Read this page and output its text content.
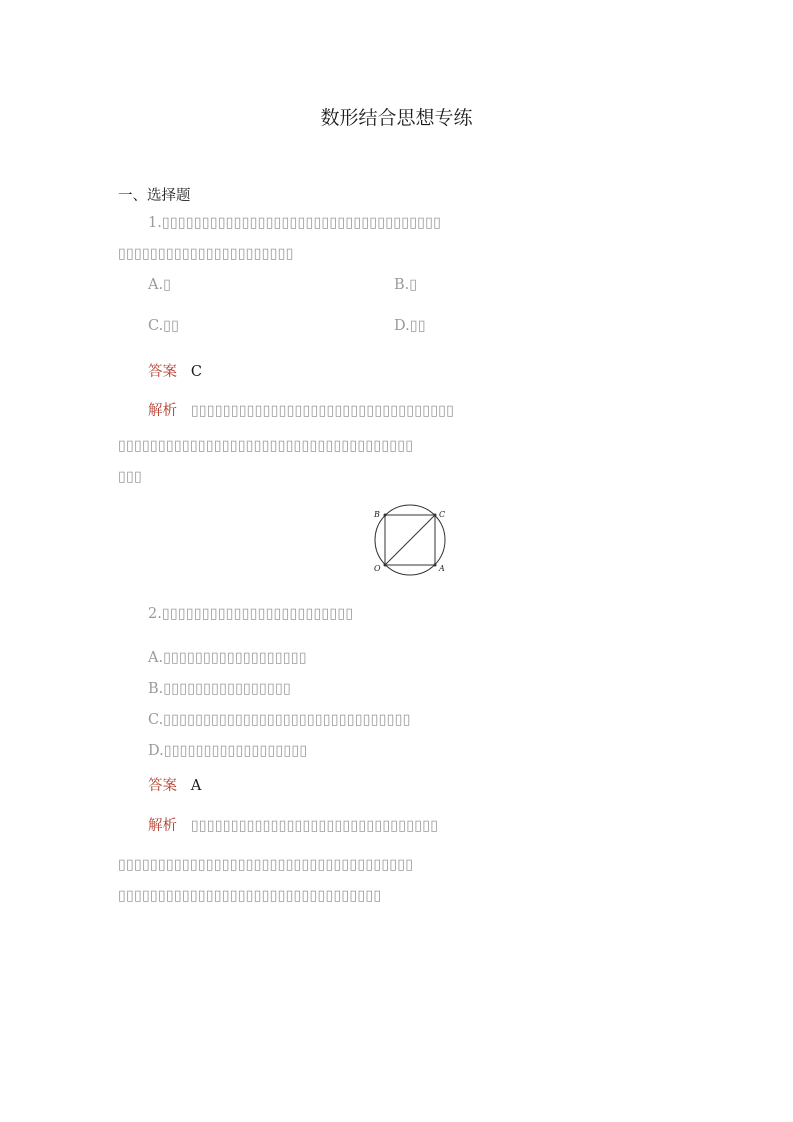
数形结合思想专练
一、选择题
1.▯▯▯▯▯▯▯▯▯▯▯▯▯▯▯▯▯▯▯▯▯▯▯▯▯▯▯▯▯▯▯▯▯▯▯
▯▯▯▯▯▯▯▯▯▯▯▯▯▯▯▯▯▯▯▯▯▯
A.▯	B.▯
C.▯▯	D.▯▯
答案 C
解析 ▯▯▯▯▯▯▯▯▯▯▯▯▯▯▯▯▯▯▯▯▯▯▯▯▯▯▯▯▯▯▯▯▯
▯▯▯▯▯▯▯▯▯▯▯▯▯▯▯▯▯▯▯▯▯▯▯▯▯▯▯▯▯▯▯▯▯▯▯▯▯
▯▯▯
B	C
O	A
2.▯▯▯▯▯▯▯▯▯▯▯▯▯▯▯▯▯▯▯▯▯▯▯▯
A.▯▯▯▯▯▯▯▯▯▯▯▯▯▯▯▯▯▯
B.▯▯▯▯▯▯▯▯▯▯▯▯▯▯▯▯
C.▯▯▯▯▯▯▯▯▯▯▯▯▯▯▯▯▯▯▯▯▯▯▯▯▯▯▯▯▯▯▯
D.▯▯▯▯▯▯▯▯▯▯▯▯▯▯▯▯▯▯
答案 A
解析 ▯▯▯▯▯▯▯▯▯▯▯▯▯▯▯▯▯▯▯▯▯▯▯▯▯▯▯▯▯▯▯
▯▯▯▯▯▯▯▯▯▯▯▯▯▯▯▯▯▯▯▯▯▯▯▯▯▯▯▯▯▯▯▯▯▯▯▯▯
▯▯▯▯▯▯▯▯▯▯▯▯▯▯▯▯▯▯▯▯▯▯▯▯▯▯▯▯▯▯▯▯▯
